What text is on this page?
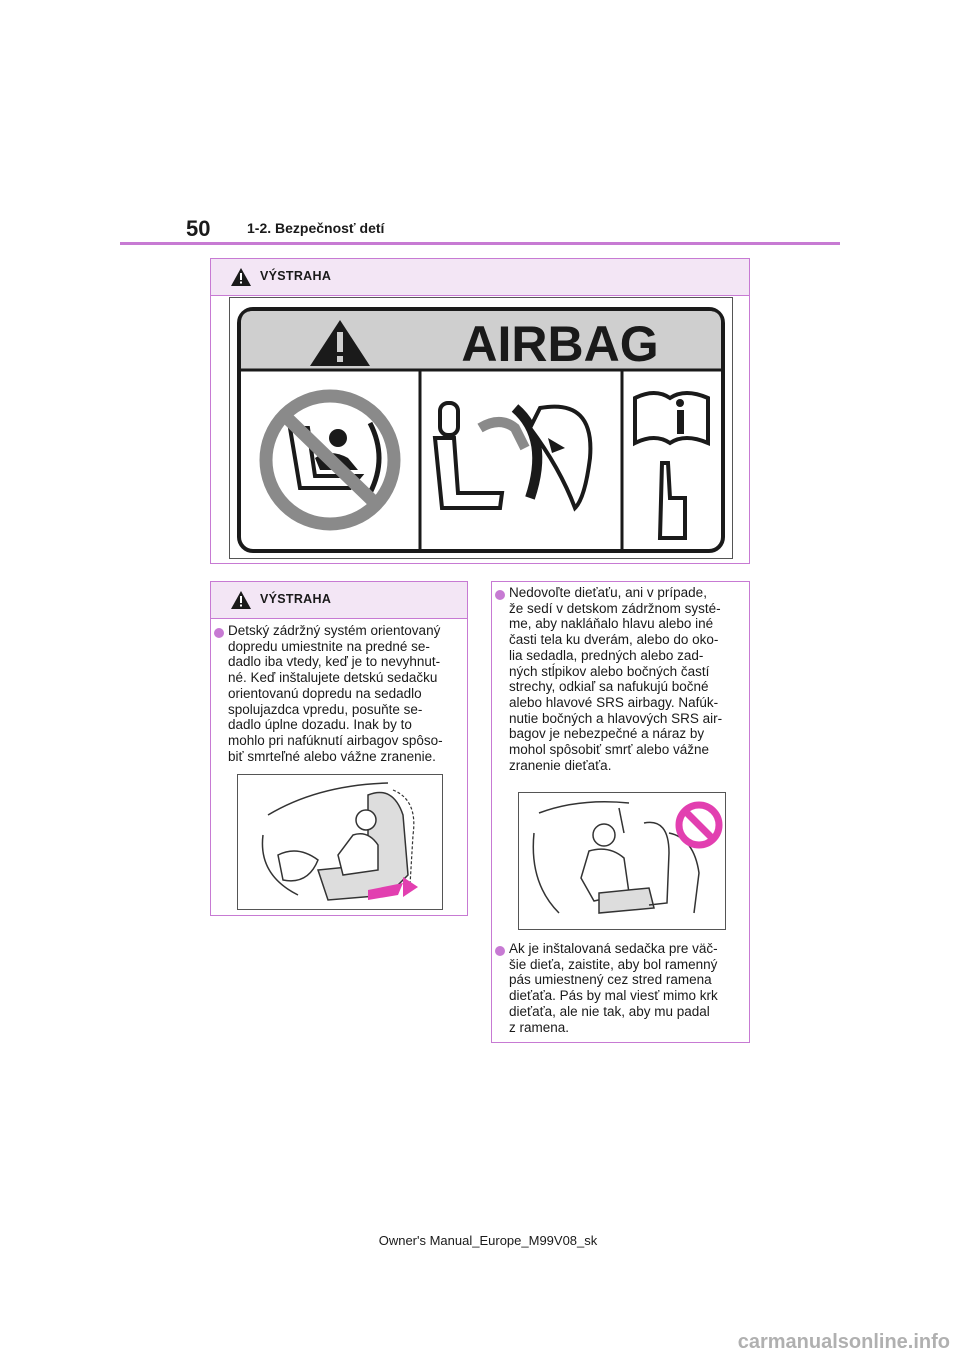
50	1-2. Bezpečnosť detí
VÝSTRAHA
AIRBAG
VÝSTRAHA
Detský zádržný systém orientovaný
dopredu umiestnite na predné se-
dadlo iba vtedy, keď je to nevyhnut-
né. Keď inštalujete detskú sedačku
orientovanú dopredu na sedadlo
spolujazdca vpredu, posuňte se-
dadlo úplne dozadu. Inak by to
mohlo pri nafúknutí airbagov spôso-
biť smrteľné alebo vážne zranenie.
Nedovoľte dieťaťu, ani v prípade,
že sedí v detskom zádržnom systé-
me, aby nakláňalo hlavu alebo iné
časti tela ku dverám, alebo do oko-
lia sedadla, predných alebo zad-
ných stĺpikov alebo bočných častí
strechy, odkiaľ sa nafukujú bočné
alebo hlavové SRS airbagy. Nafúk-
nutie bočných a hlavových SRS air-
bagov je nebezpečné a náraz by
mohol spôsobiť smrť alebo vážne
zranenie dieťaťa.
Ak je inštalovaná sedačka pre väč-
šie dieťa, zaistite, aby bol ramenný
pás umiestnený cez stred ramena
dieťaťa. Pás by mal viesť mimo krk
dieťaťa, ale nie tak, aby mu padal
z ramena.
Owner's Manual_Europe_M99V08_sk
carmanualsonline.info
